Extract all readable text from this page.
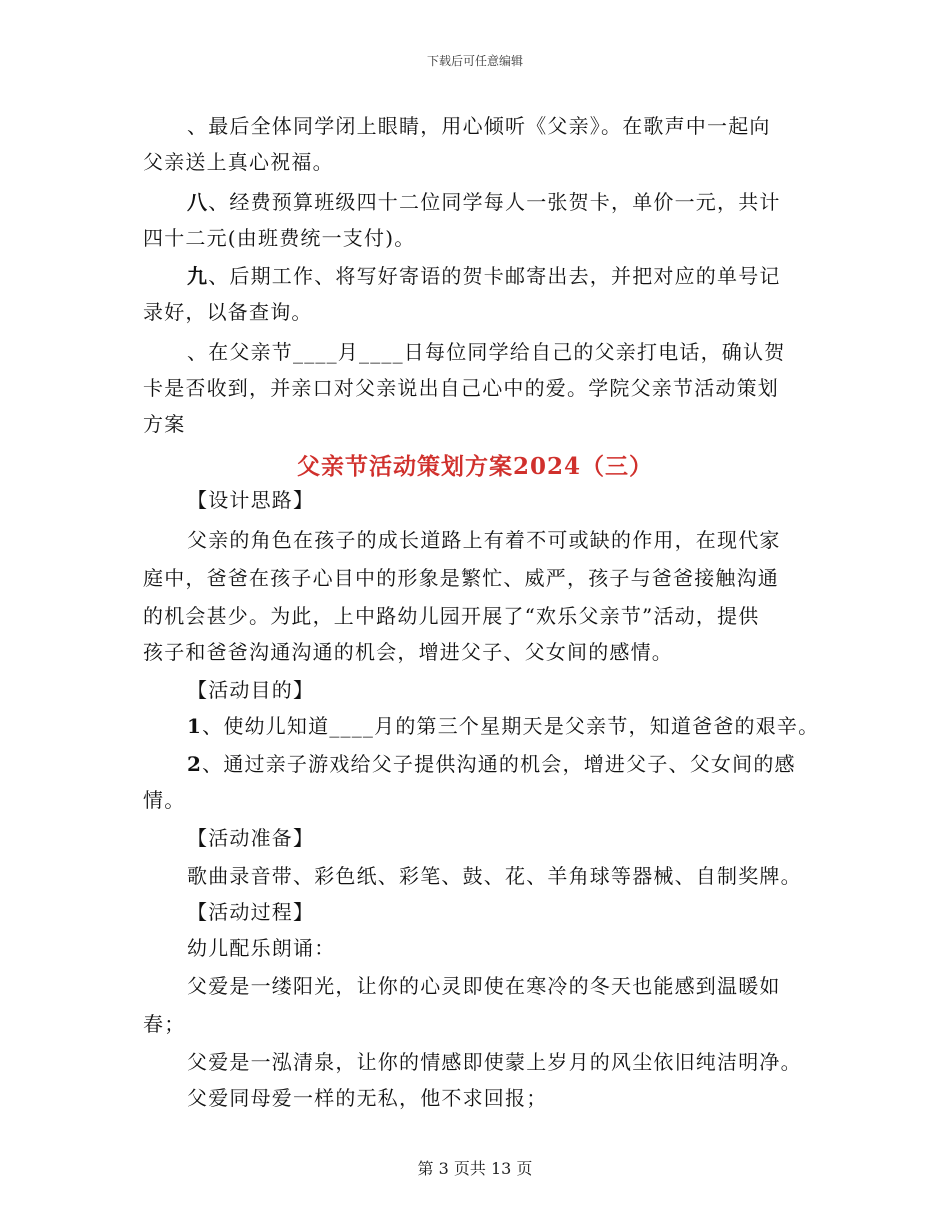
下载后可任意编辑
、最后全体同学闭上眼睛，用心倾听《父亲》。在歌声中一起向
父亲送上真心祝福。
八、经费预算班级四十二位同学每人一张贺卡，单价一元，共计
四十二元(由班费统一支付)。
九、后期工作、将写好寄语的贺卡邮寄出去，并把对应的单号记
录好，以备查询。
、在父亲节____月____日每位同学给自己的父亲打电话，确认贺
卡是否收到，并亲口对父亲说出自己心中的爱。学院父亲节活动策划
方案
父亲节活动策划方案2024（三）
【设计思路】
父亲的角色在孩子的成长道路上有着不可或缺的作用，在现代家
庭中，爸爸在孩子心目中的形象是繁忙、威严，孩子与爸爸接触沟通
的机会甚少。为此，上中路幼儿园开展了“欢乐父亲节”活动，提供
孩子和爸爸沟通沟通的机会，增进父子、父女间的感情。
【活动目的】
1、使幼儿知道____月的第三个星期天是父亲节，知道爸爸的艰辛。
2、通过亲子游戏给父子提供沟通的机会，增进父子、父女间的感
情。
【活动准备】
歌曲录音带、彩色纸、彩笔、鼓、花、羊角球等器械、自制奖牌。
【活动过程】
幼儿配乐朗诵：
父爱是一缕阳光，让你的心灵即使在寒冷的冬天也能感到温暖如
春；
父爱是一泓清泉，让你的情感即使蒙上岁月的风尘依旧纯洁明净。
父爱同母爱一样的无私，他不求回报；
第 3 页共 13 页
